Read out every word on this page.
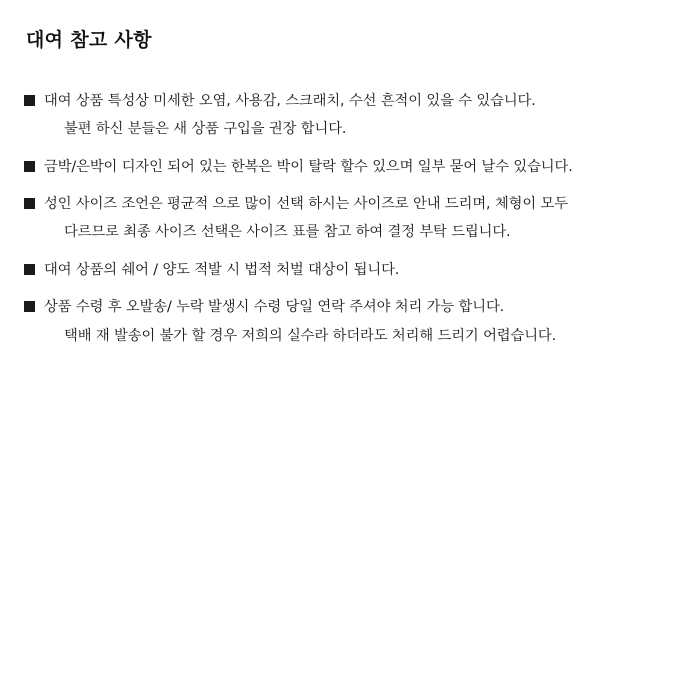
대여 참고 사항
대여 상품 특성상 미세한 오염, 사용감, 스크래치, 수선 흔적이 있을 수 있습니다.
불편 하신 분들은 새 상품 구입을 권장 합니다.
금박/은박이 디자인 되어 있는 한복은 박이 탈락 할수 있으며 일부 묻어 날수 있습니다.
성인 사이즈 조언은 평균적 으로 많이 선택 하시는 사이즈로 안내 드리며, 체형이 모두
다르므로 최종 사이즈 선택은 사이즈 표를 참고 하여 결정 부탁 드립니다.
대여 상품의 쉐어 / 양도 적발 시 법적 처벌 대상이 됩니다.
상품 수령 후 오발송/ 누락 발생시 수령 당일 연락 주셔야 처리 가능 합니다.
택배 재 발송이 불가 할 경우 저희의 실수라 하더라도 처리해 드리기 어렵습니다.
